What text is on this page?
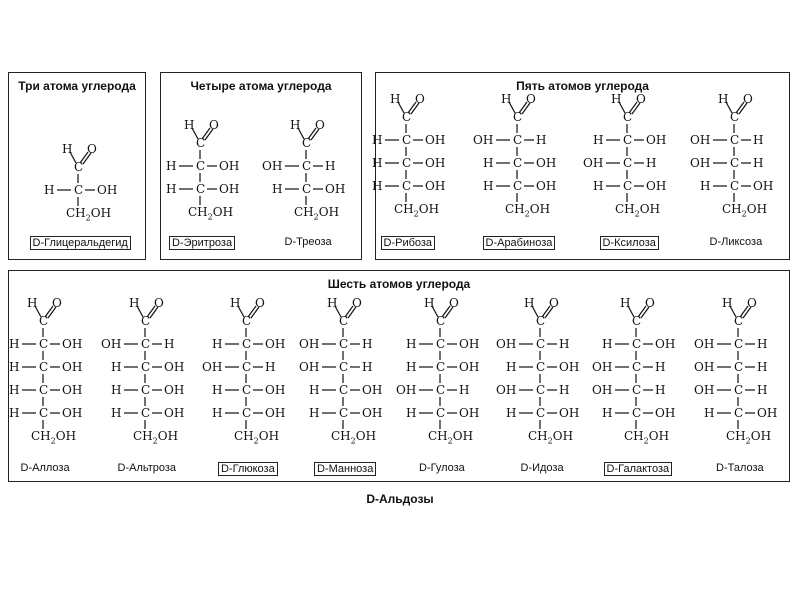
Три атома углерода	Четыре атома углерода	Пять атомов углерода
Шесть атомов углерода
D-Альдозы
H O
C
C
H	OH
$CH_2OH$
D-Глицеральдегид
H O
C
C
H	OH
C
H	OH
$CH_2OH$
D-Эритроза
H O
C
C
OH	H
C
H	OH
$CH_2OH$
D-Треоза
H O
C
C
H	OH
C
H	OH
C
H	OH
$CH_2OH$
D-Рибоза
H O
C
C
OH	H
C
H	OH
C
H	OH
$CH_2OH$
D-Арабиноза
H O
C
C
H	OH
C
OH	H
C
H	OH
$CH_2OH$
D-Ксилоза
H O
C
C
OH	H
C
OH	H
C
H	OH
$CH_2OH$
D-Ликсоза
H O
C
C
H	OH
C
H	OH
C
H	OH
C
H	OH
$CH_2OH$
D-Аллоза
H O
C
C
OH	H
C
H	OH
C
H	OH
C
H	OH
$CH_2OH$
D-Альтроза
H O
C
C
H	OH
C
OH	H
C
H	OH
C
H	OH
$CH_2OH$
D-Глюкоза
H O
C
C
OH	H
C
OH	H
C
H	OH
C
H	OH
$CH_2OH$
D-Манноза
H O
C
C
H	OH
C
H	OH
C
OH	H
C
H	OH
$CH_2OH$
D-Гулоза
H O
C
C
OH	H
C
H	OH
C
OH	H
C
H	OH
$CH_2OH$
D-Идоза
H O
C
C
H	OH
C
OH	H
C
OH	H
C
H	OH
$CH_2OH$
D-Галактоза
H O
C
C
OH	H
C
OH	H
C
OH	H
C
H	OH
$CH_2OH$
D-Талоза
